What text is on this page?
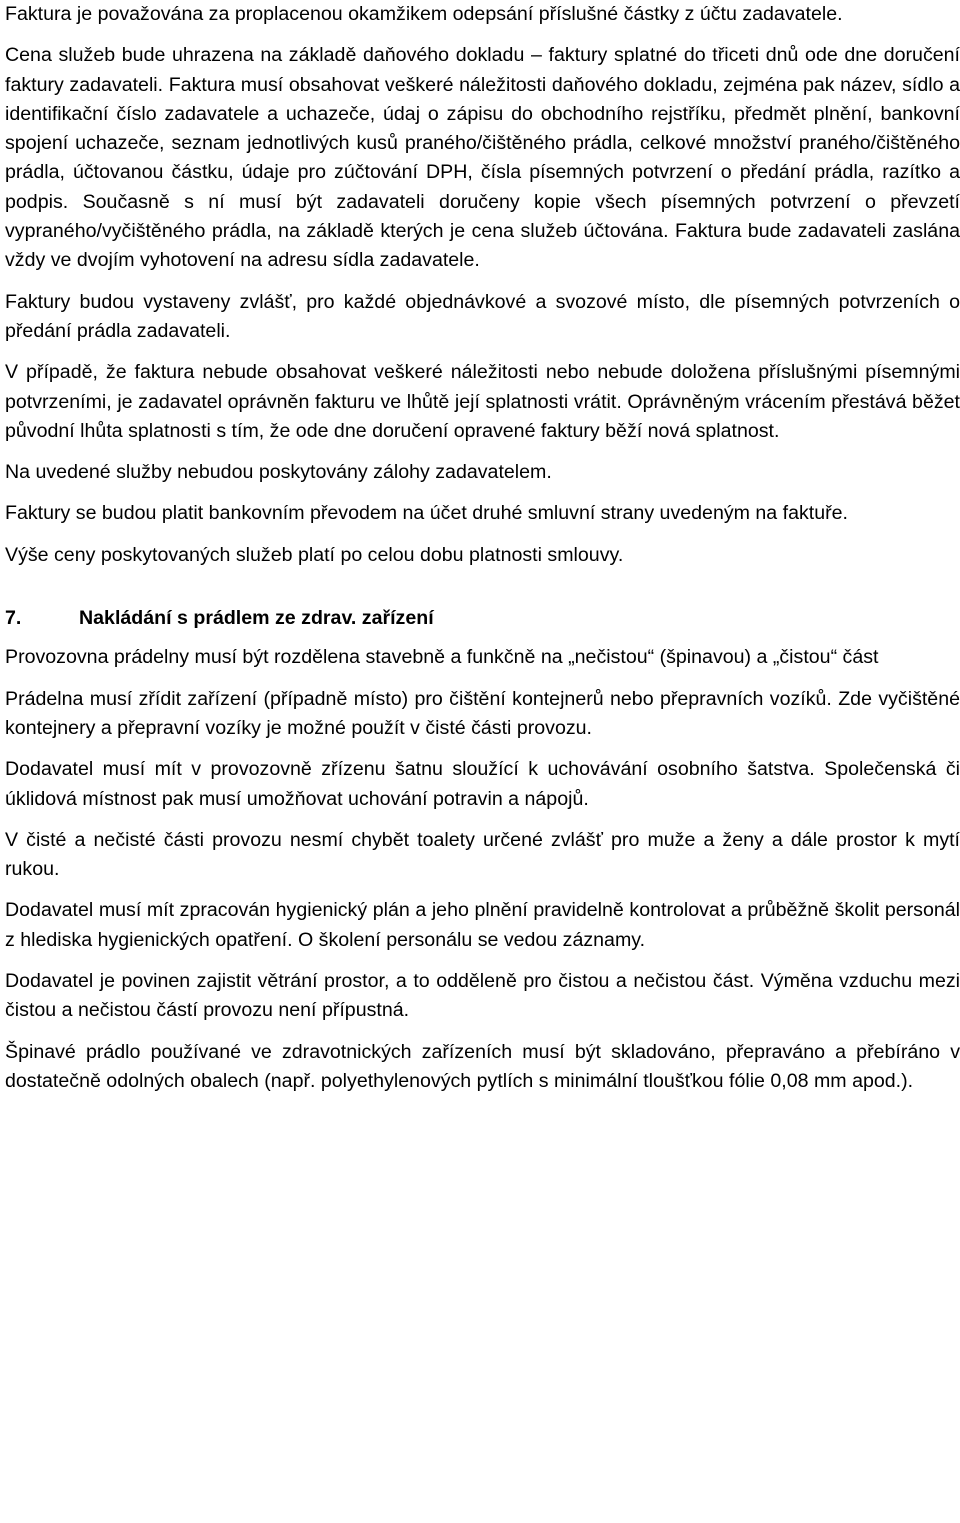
Faktura je považována za proplacenou okamžikem odepsání příslušné částky z účtu zadavatele.

Cena služeb bude uhrazena na základě daňového dokladu – faktury splatné do třiceti dnů ode dne doručení faktury zadavateli. Faktura musí obsahovat veškeré náležitosti daňového dokladu, zejména pak název, sídlo a identifikační číslo zadavatele a uchazeče, údaj o zápisu do obchodního rejstříku, předmět plnění, bankovní spojení uchazeče, seznam jednotlivých kusů praného/čištěného prádla, celkové množství praného/čištěného prádla, účtovanou částku, údaje pro zúčtování DPH, čísla písemných potvrzení o předání prádla, razítko a podpis. Současně s ní musí být zadavateli doručeny kopie všech písemných potvrzení o převzetí vypraného/vyčištěného prádla, na základě kterých je cena služeb účtována. Faktura bude zadavateli zaslána vždy ve dvojím vyhotovení na adresu sídla zadavatele.

Faktury budou vystaveny zvlášť, pro každé objednávkové a svozové místo, dle písemných potvrzeních o předání prádla zadavateli.

V případě, že faktura nebude obsahovat veškeré náležitosti nebo nebude doložena příslušnými písemnými potvrzeními, je zadavatel oprávněn fakturu ve lhůtě její splatnosti vrátit. Oprávněným vrácením přestává běžet původní lhůta splatnosti s tím, že ode dne doručení opravené faktury běží nová splatnost.

Na uvedené služby nebudou poskytovány zálohy zadavatelem.

Faktury se budou platit bankovním převodem na účet druhé smluvní strany uvedeným na faktuře.

Výše ceny poskytovaných služeb platí po celou dobu platnosti smlouvy.

7.	Nakládání s prádlem ze zdrav. zařízení

Provozovna prádelny musí být rozdělena stavebně a funkčně na „nečistou“ (špinavou) a „čistou“ část

Prádelna musí zřídit zařízení (případně místo) pro čištění kontejnerů nebo přepravních vozíků. Zde vyčištěné kontejnery a přepravní vozíky je možné použít v čisté části provozu.

Dodavatel musí mít v provozovně zřízenu šatnu sloužící k uchovávání osobního šatstva. Společenská či úklidová místnost pak musí umožňovat uchování potravin a nápojů.

V čisté a nečisté části provozu nesmí chybět toalety určené zvlášť pro muže a ženy a dále prostor k mytí rukou.

Dodavatel musí mít zpracován hygienický plán a jeho plnění pravidelně kontrolovat a průběžně školit personál z hlediska hygienických opatření. O školení personálu se vedou záznamy.

Dodavatel je povinen zajistit větrání prostor, a to odděleně pro čistou a nečistou část. Výměna vzduchu mezi čistou a nečistou částí provozu není přípustná.

Špinavé prádlo používané ve zdravotnických zařízeních musí být skladováno, přepraváno a přebíráno v dostatečně odolných obalech (např. polyethylenových pytlích s minimální tloušťkou fólie 0,08 mm apod.).
